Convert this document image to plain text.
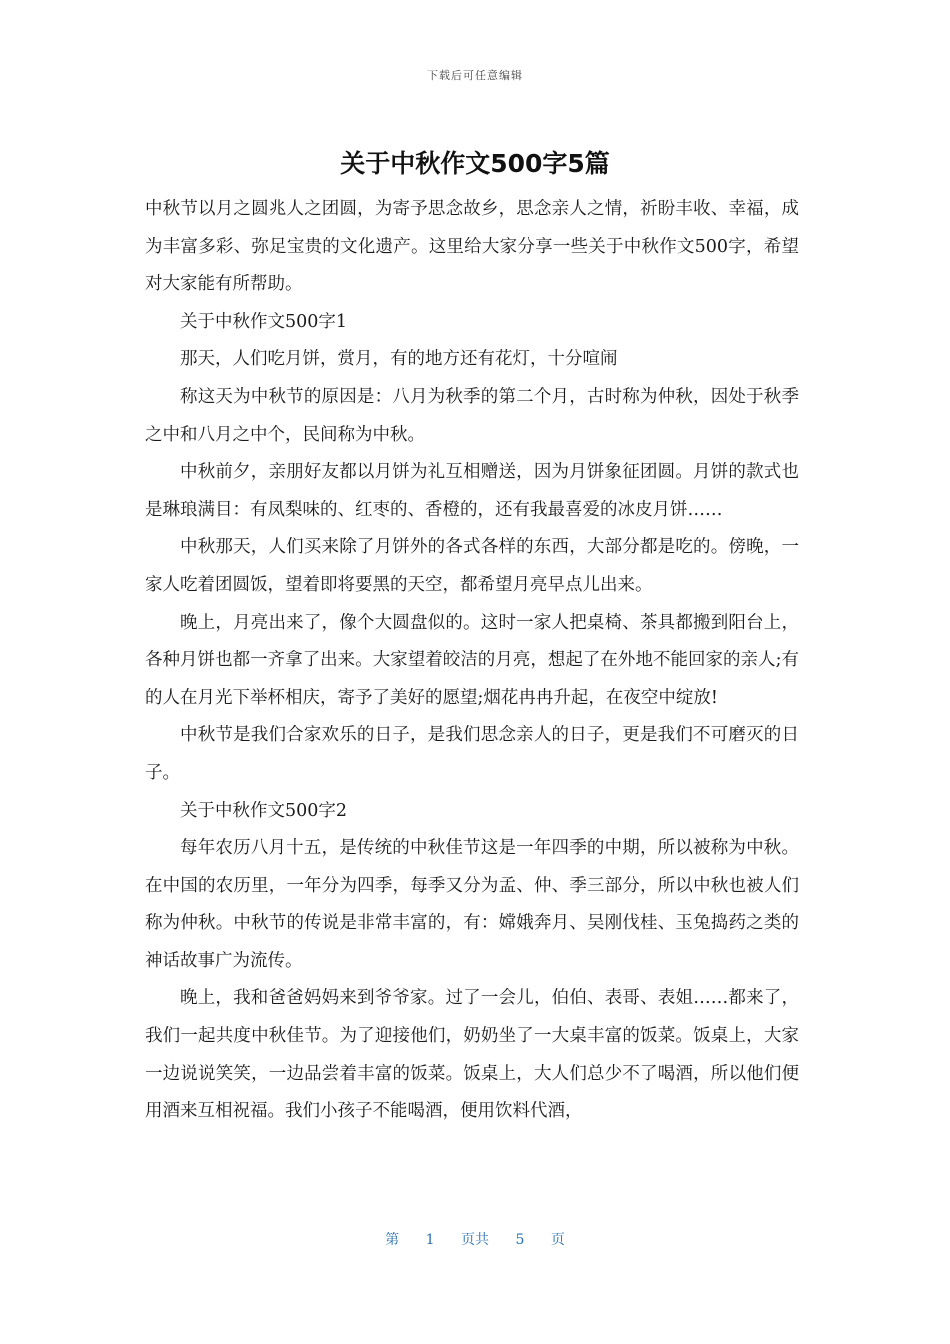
下载后可任意编辑
关于中秋作文500字5篇

中秋节以月之圆兆人之团圆，为寄予思念故乡，思念亲人之情，祈盼丰收、幸福，成为丰富多彩、弥足宝贵的文化遗产。这里给大家分享一些关于中秋作文500字，希望对大家能有所帮助。

关于中秋作文500字1

那天，人们吃月饼，赏月，有的地方还有花灯，十分喧闹

称这天为中秋节的原因是：八月为秋季的第二个月，古时称为仲秋，因处于秋季之中和八月之中个，民间称为中秋。

中秋前夕，亲朋好友都以月饼为礼互相赠送，因为月饼象征团圆。月饼的款式也是琳琅满目：有凤梨味的、红枣的、香橙的，还有我最喜爱的冰皮月饼……

中秋那天，人们买来除了月饼外的各式各样的东西，大部分都是吃的。傍晚，一家人吃着团圆饭，望着即将要黑的天空，都希望月亮早点儿出来。

晚上，月亮出来了，像个大圆盘似的。这时一家人把桌椅、茶具都搬到阳台上，各种月饼也都一齐拿了出来。大家望着皎洁的月亮，想起了在外地不能回家的亲人;有的人在月光下举杯相庆，寄予了美好的愿望;烟花冉冉升起，在夜空中绽放!

中秋节是我们合家欢乐的日子，是我们思念亲人的日子，更是我们不可磨灭的日子。

关于中秋作文500字2

每年农历八月十五，是传统的中秋佳节这是一年四季的中期，所以被称为中秋。在中国的农历里，一年分为四季，每季又分为孟、仲、季三部分，所以中秋也被人们称为仲秋。中秋节的传说是非常丰富的，有：嫦娥奔月、吴刚伐桂、玉兔捣药之类的神话故事广为流传。

晚上，我和爸爸妈妈来到爷爷家。过了一会儿，伯伯、表哥、表姐……都来了，我们一起共度中秋佳节。为了迎接他们，奶奶坐了一大桌丰富的饭菜。饭桌上，大家一边说说笑笑，一边品尝着丰富的饭菜。饭桌上，大人们总少不了喝酒，所以他们便用酒来互相祝福。我们小孩子不能喝酒，便用饮料代酒，

第 1 页共 5 页
